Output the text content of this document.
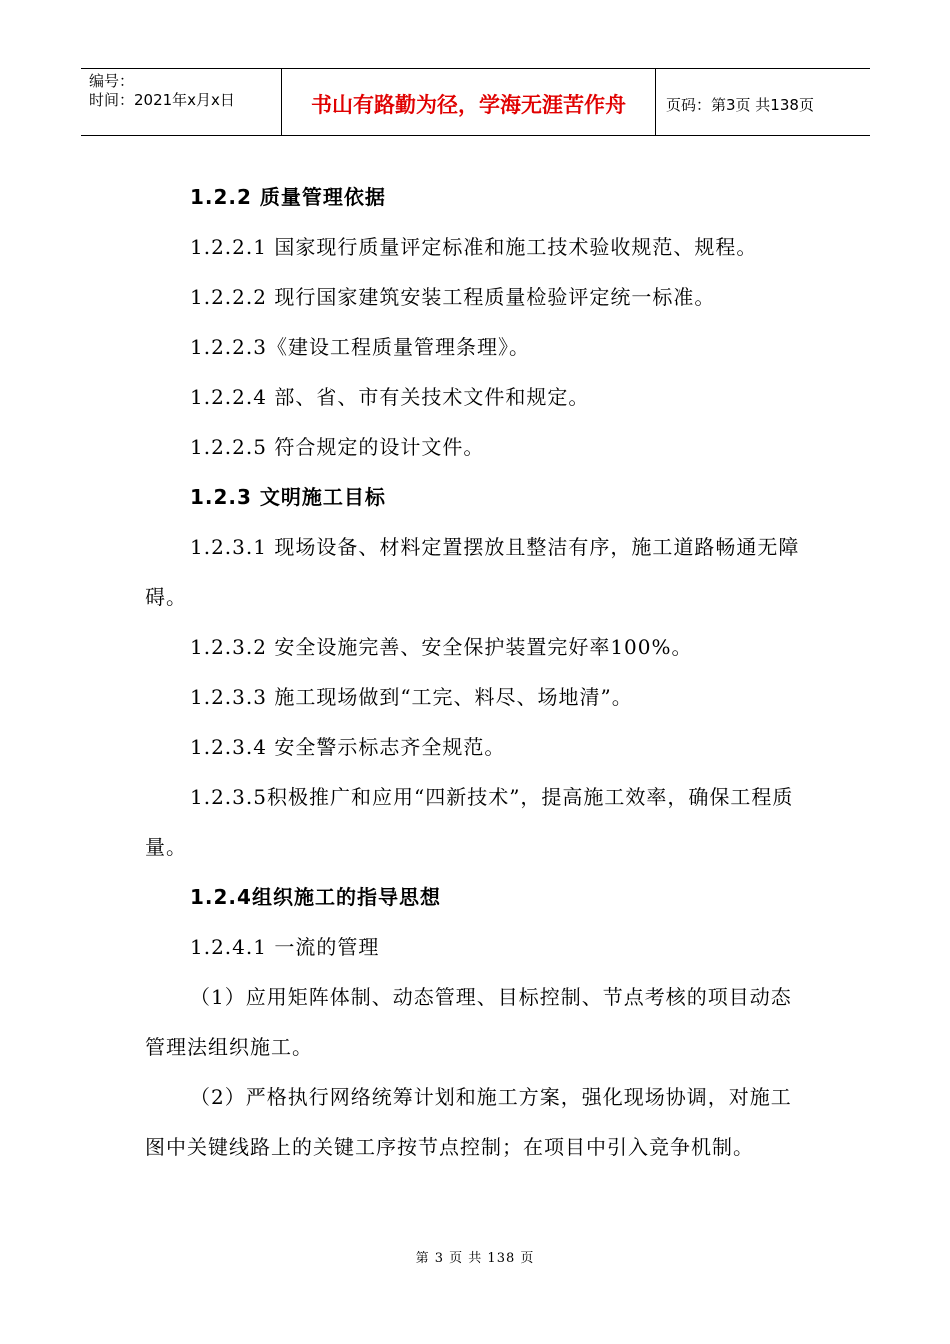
编号：
时间：2021年x月x日	书山有路勤为径，学海无涯苦作舟	页码：第3页 共138页

1.2.2 质量管理依据

1.2.2.1 国家现行质量评定标准和施工技术验收规范、规程。

1.2.2.2 现行国家建筑安装工程质量检验评定统一标准。

1.2.2.3《建设工程质量管理条理》。

1.2.2.4 部、省、市有关技术文件和规定。

1.2.2.5 符合规定的设计文件。

1.2.3 文明施工目标

1.2.3.1 现场设备、材料定置摆放且整洁有序，施工道路畅通无障碍。

1.2.3.2 安全设施完善、安全保护装置完好率100%。

1.2.3.3 施工现场做到“工完、料尽、场地清”。

1.2.3.4 安全警示标志齐全规范。

1.2.3.5积极推广和应用“四新技术”，提高施工效率，确保工程质量。

1.2.4组织施工的指导思想

1.2.4.1 一流的管理

（1）应用矩阵体制、动态管理、目标控制、节点考核的项目动态管理法组织施工。

（2）严格执行网络统筹计划和施工方案，强化现场协调，对施工图中关键线路上的关键工序按节点控制；在项目中引入竞争机制。

第 3 页 共 138 页
